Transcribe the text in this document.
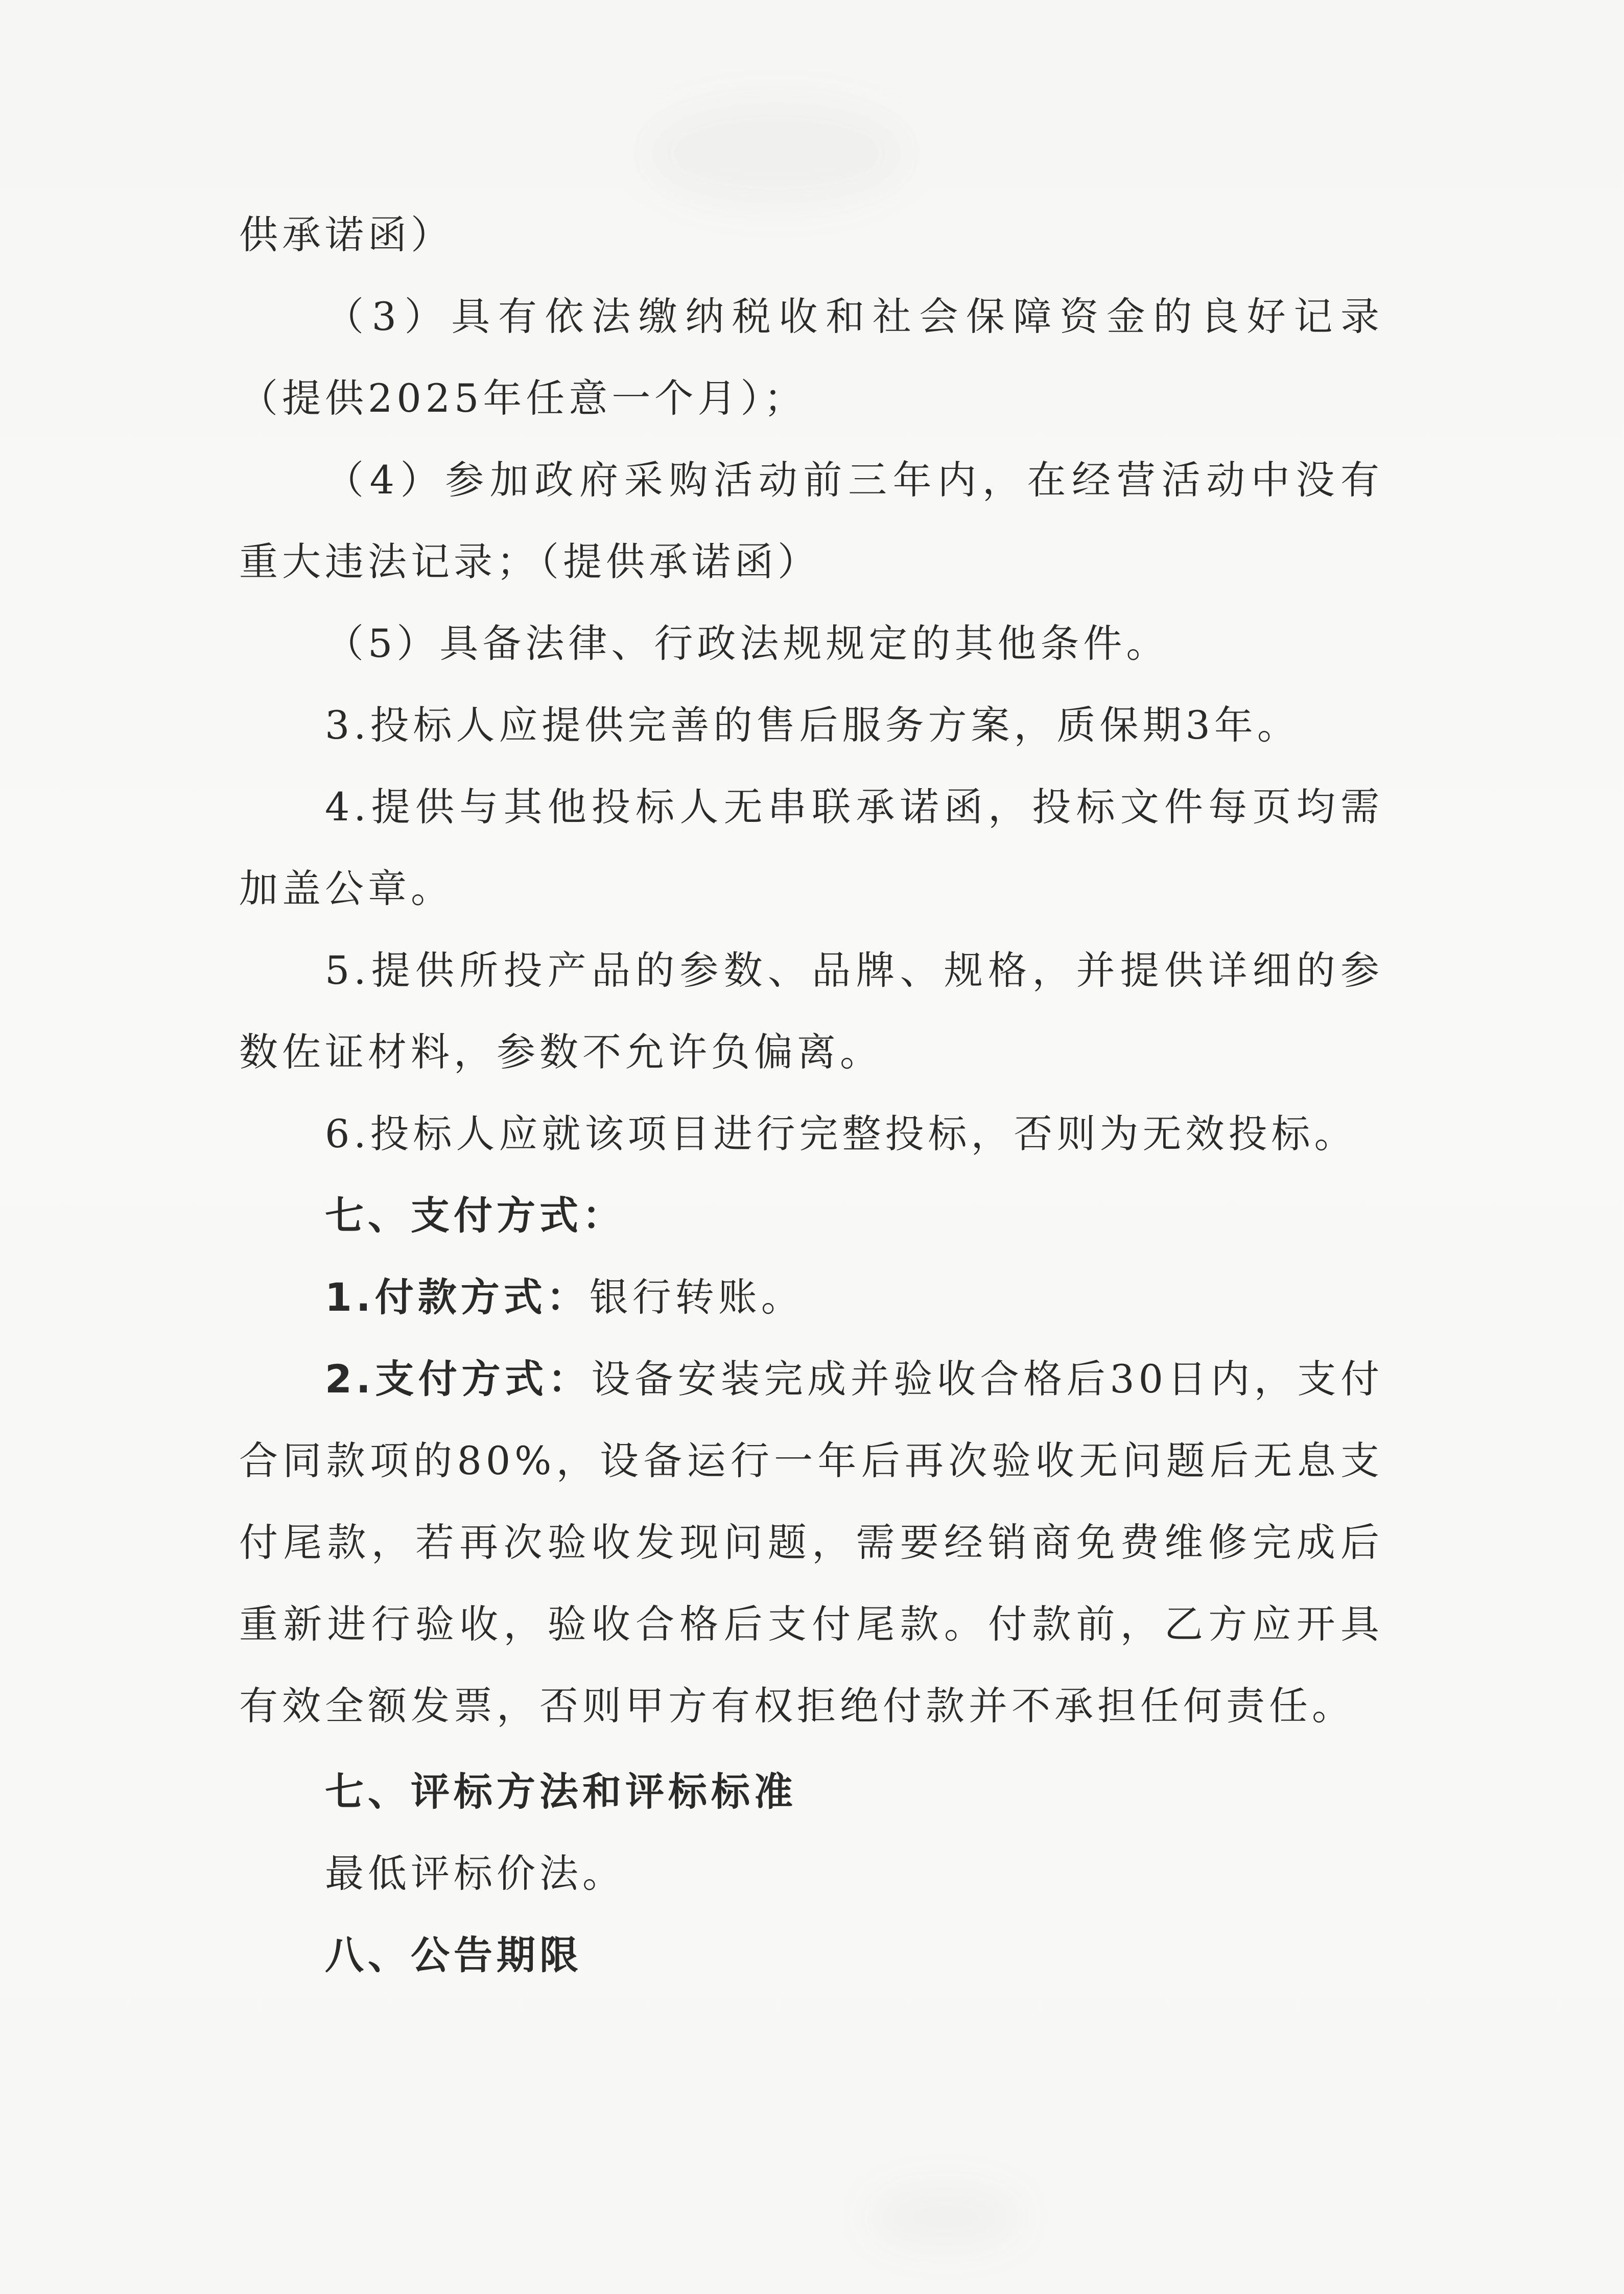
供承诺函）

（3）具有依法缴纳税收和社会保障资金的良好记录（提供2025年任意一个月）；

（4）参加政府采购活动前三年内，在经营活动中没有重大违法记录；（提供承诺函）

（5）具备法律、行政法规规定的其他条件。

3.投标人应提供完善的售后服务方案，质保期3年。

4.提供与其他投标人无串联承诺函，投标文件每页均需加盖公章。

5.提供所投产品的参数、品牌、规格，并提供详细的参数佐证材料，参数不允许负偏离。

6.投标人应就该项目进行完整投标，否则为无效投标。

七、支付方式：

1.付款方式：银行转账。

2.支付方式：设备安装完成并验收合格后30日内，支付合同款项的80%，设备运行一年后再次验收无问题后无息支付尾款，若再次验收发现问题，需要经销商免费维修完成后重新进行验收，验收合格后支付尾款。付款前，乙方应开具有效全额发票，否则甲方有权拒绝付款并不承担任何责任。

七、评标方法和评标标准

最低评标价法。

八、公告期限
